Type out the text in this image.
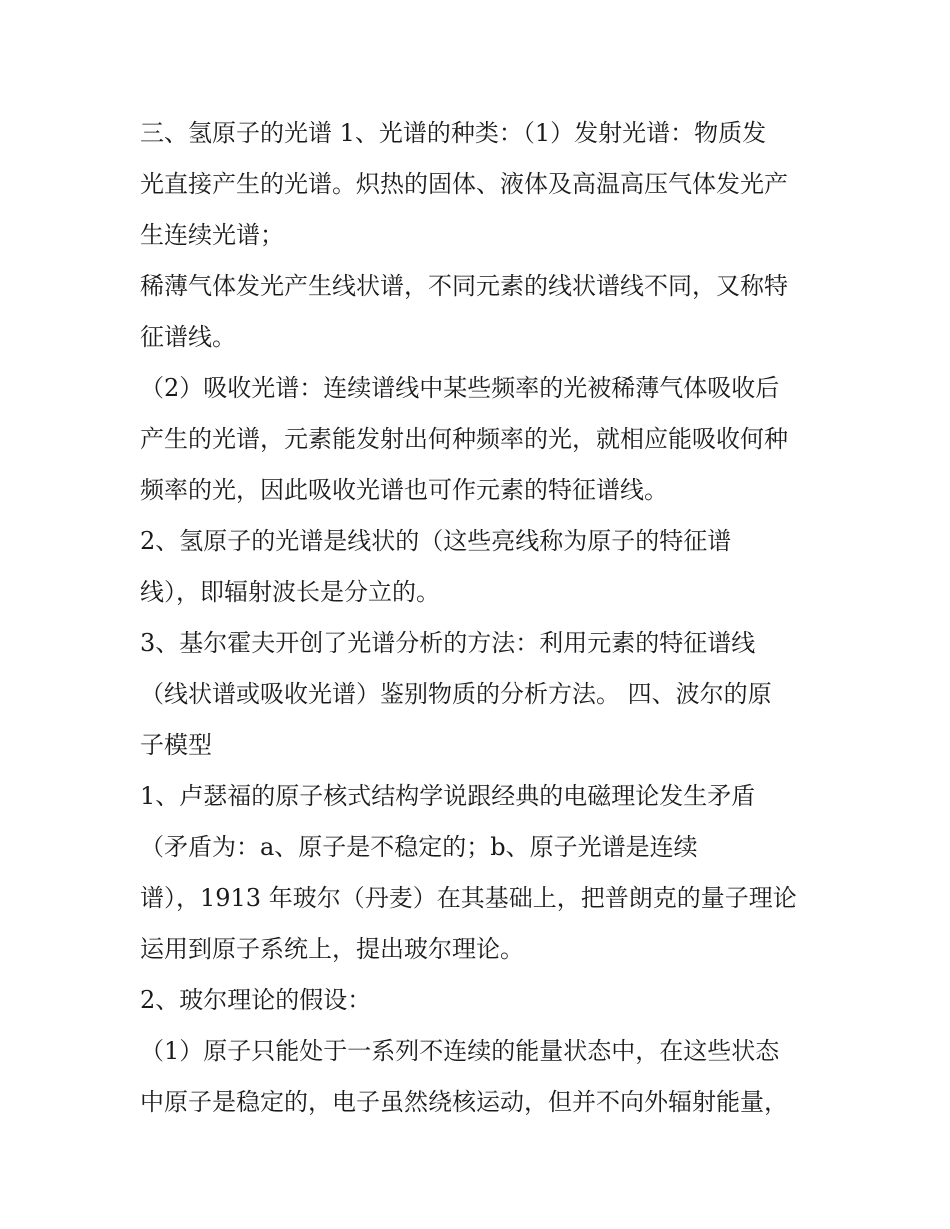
三、氢原子的光谱 1、光谱的种类：（1）发射光谱：物质发
光直接产生的光谱。炽热的固体、液体及高温高压气体发光产
生连续光谱；
稀薄气体发光产生线状谱，不同元素的线状谱线不同，又称特
征谱线。
（2）吸收光谱：连续谱线中某些频率的光被稀薄气体吸收后
产生的光谱，元素能发射出何种频率的光，就相应能吸收何种
频率的光，因此吸收光谱也可作元素的特征谱线。
2、氢原子的光谱是线状的（这些亮线称为原子的特征谱
线），即辐射波长是分立的。
3、基尔霍夫开创了光谱分析的方法：利用元素的特征谱线
（线状谱或吸收光谱）鉴别物质的分析方法。 四、波尔的原
子模型
1、卢瑟福的原子核式结构学说跟经典的电磁理论发生矛盾
（矛盾为：a、原子是不稳定的；b、原子光谱是连续
谱），1913 年玻尔（丹麦）在其基础上，把普朗克的量子理论
运用到原子系统上，提出玻尔理论。
2、玻尔理论的假设：
（1）原子只能处于一系列不连续的能量状态中，在这些状态
中原子是稳定的，电子虽然绕核运动，但并不向外辐射能量，
